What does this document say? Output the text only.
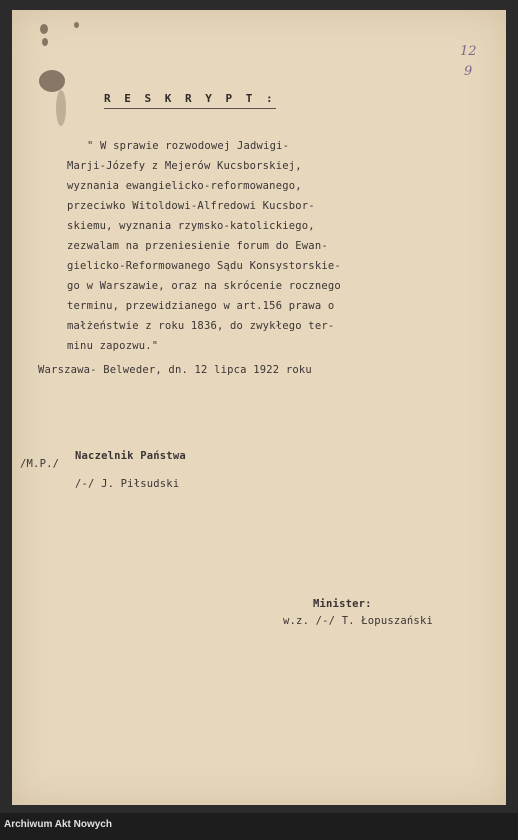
12
9
R E S K R Y P T :
" W sprawie rozwodowej Jadwigi-
Marji-Józefy z Mejerów Kucsborskiej,
wyznania ewangielicko-reformowanego,
przeciwko Witoldowi-Alfredowi Kucsbor-
skiemu, wyznania rzymsko-katolickiego,
zezwalam na przeniesienie forum do Ewan-
gielicko-Reformowanego Sądu Konsystorskie-
go w Warszawie, oraz na skrócenie rocznego
terminu, przewidzianego w art.156 prawa o
małżeństwie z roku 1836, do zwykłego ter-
minu zapozwu."
Warszawa- Belweder, dn. 12 lipca 1922 roku
/M.P./
Naczelnik Państwa
/-/ J. Piłsudski
Minister:
w.z. /-/ T. Łopuszański
Archiwum Akt Nowych
